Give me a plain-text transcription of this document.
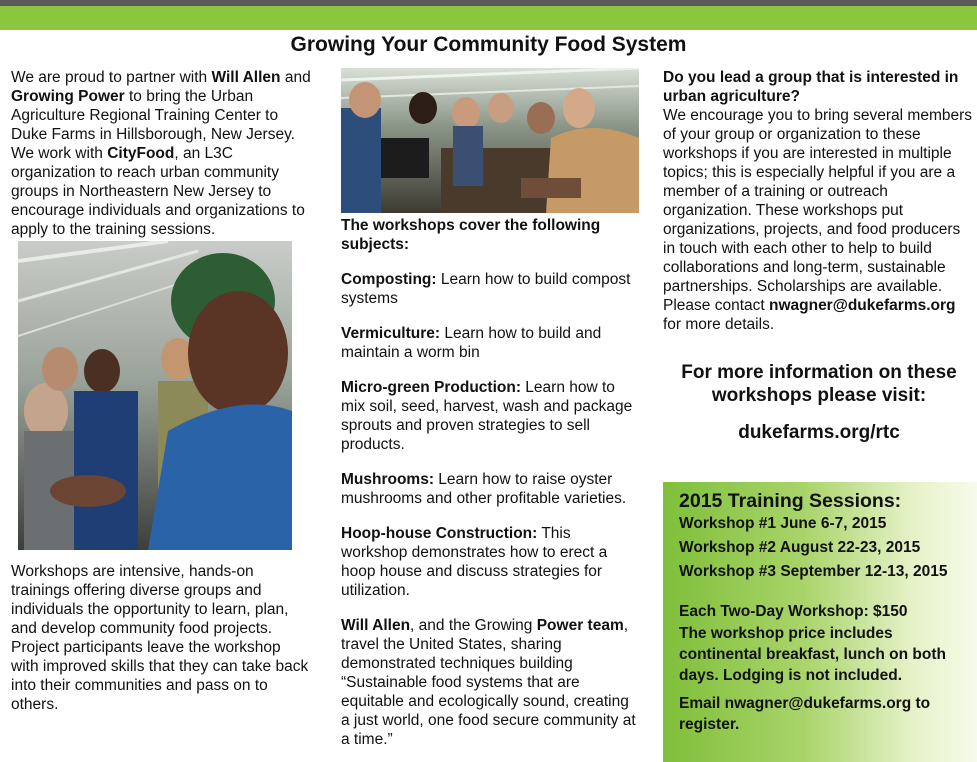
Growing Your Community Food System

We are proud to partner with Will Allen and Growing Power to bring the Urban Agriculture Regional Training Center to Duke Farms in Hillsborough, New Jersey. We work with CityFood, an L3C organization to reach urban community groups in Northeastern New Jersey to encourage individuals and organizations to apply to the training sessions.

Workshops are intensive, hands-on trainings offering diverse groups and individuals the opportunity to learn, plan, and develop community food projects. Project participants leave the workshop with improved skills that they can take back into their communities and pass on to others.

The workshops cover the following subjects:

Composting: Learn how to build compost systems

Vermiculture: Learn how to build and maintain a worm bin

Micro-green Production: Learn how to mix soil, seed, harvest, wash and package sprouts and proven strategies to sell products.

Mushrooms: Learn how to raise oyster mushrooms and other profitable varieties.

Hoop-house Construction: This workshop demonstrates how to erect a hoop house and discuss strategies for utilization.

Will Allen, and the Growing Power team, travel the United States, sharing demonstrated techniques building “Sustainable food systems that are equitable and ecologically sound, creating a just world, one food secure community at a time.”

Do you lead a group that is interested in urban agriculture?

We encourage you to bring several members of your group or organization to these workshops if you are interested in multiple topics; this is especially helpful if you are a member of a training or outreach organization. These workshops put organizations, projects, and food producers in touch with each other to help to build collaborations and long-term, sustainable partnerships. Scholarships are available. Please contact nwagner@dukefarms.org for more details.

For more information on these workshops please visit:
dukefarms.org/rtc
2015 Training Sessions:
Workshop #1 June 6-7, 2015
Workshop #2 August 22-23, 2015
Workshop #3 September 12-13, 2015
Each Two-Day Workshop: $150
The workshop price includes continental breakfast, lunch on both days. Lodging is not included.
Email nwagner@dukefarms.org to register.
